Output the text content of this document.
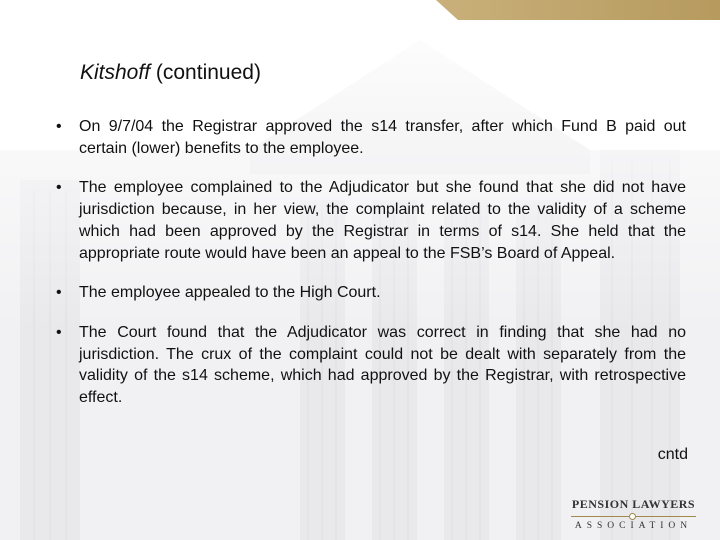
Kitshoff (continued)
•	On 9/7/04 the Registrar approved the s14 transfer, after which Fund B paid out certain (lower) benefits to the employee.
•	The employee complained to the Adjudicator but she found that she did not have jurisdiction because, in her view, the complaint related to the validity of a scheme which had been approved by the Registrar in terms of s14. She held that the appropriate route would have been an appeal to the FSB’s Board of Appeal.
•	The employee appealed to the High Court.
•	The Court found that the Adjudicator was correct in finding that she had no jurisdiction. The crux of the complaint could not be dealt with separately from the validity of the s14 scheme, which had approved by the Registrar, with retrospective effect.
cntd
PENSION LAWYERS
ASSOCIATION
